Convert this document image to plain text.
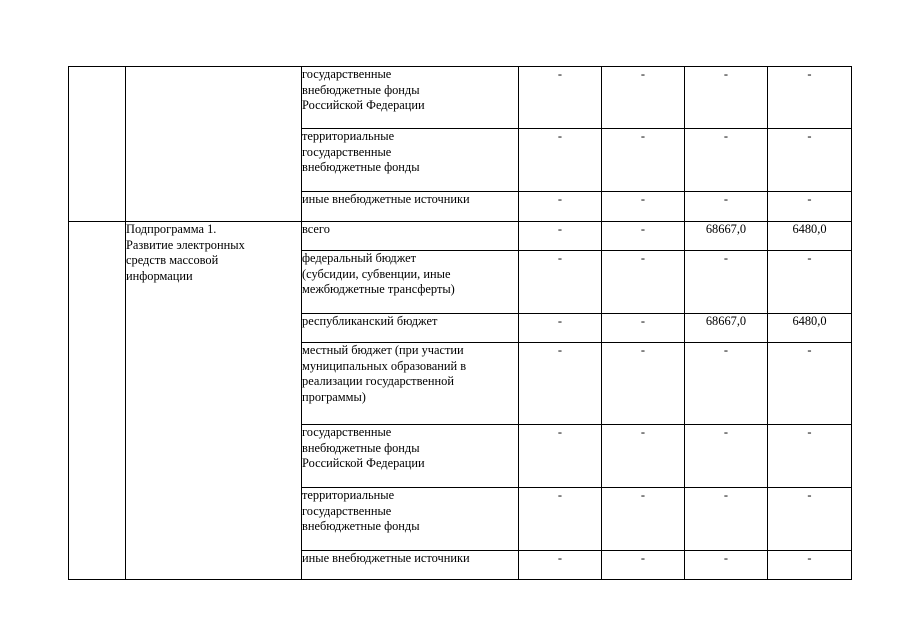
		государственные
внебюджетные фонды
Российской Федерации	-	-	-	-

		территориальные
государственные
внебюджетные фонды	-	-	-	-

		иные внебюджетные источники	-	-	-	-

	Подпрограмма 1.
Развитие электронных
средств массовой
информации	всего	-	-	68667,0	6480,0

		федеральный бюджет
(субсидии, субвенции, иные
межбюджетные трансферты)	-	-	-	-

		республиканский бюджет	-	-	68667,0	6480,0

		местный бюджет (при участии
муниципальных образований в
реализации государственной
программы)	-	-	-	-

		государственные
внебюджетные фонды
Российской Федерации	-	-	-	-

		территориальные
государственные
внебюджетные фонды	-	-	-	-

		иные внебюджетные источники	-	-	-	-
